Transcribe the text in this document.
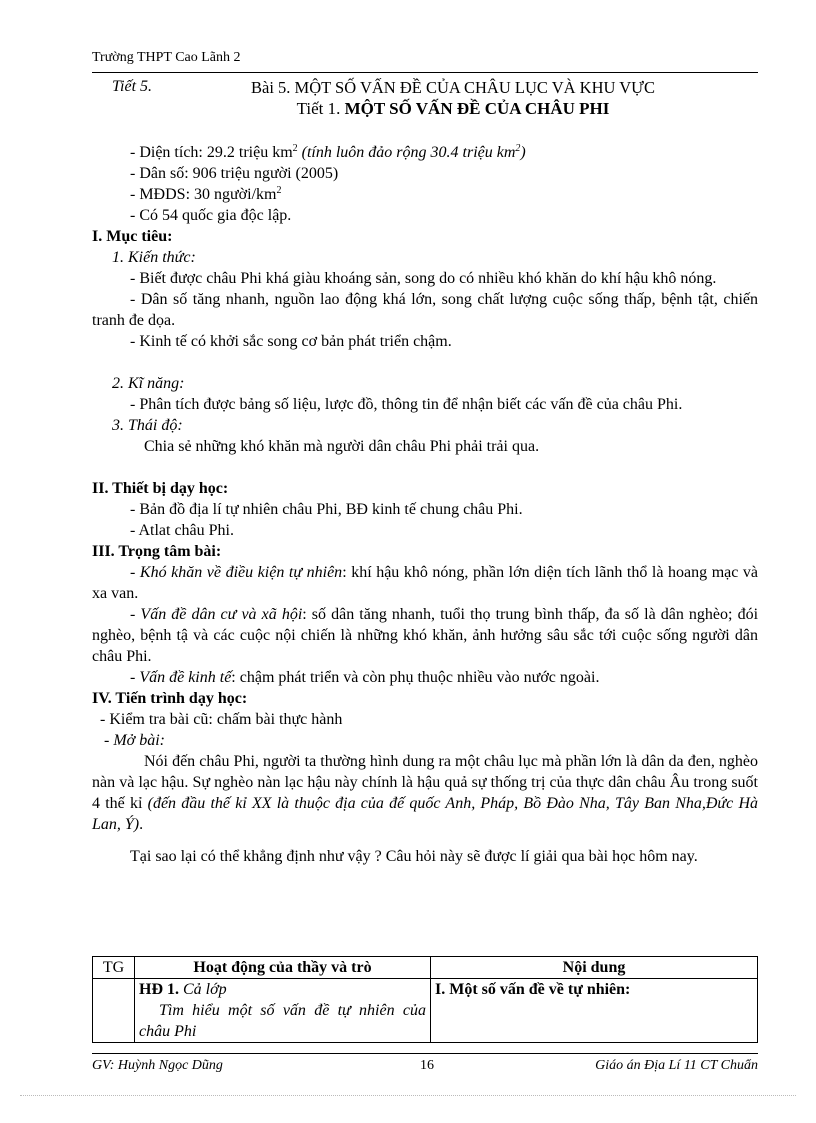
Trường THPT Cao Lãnh 2
Tiết 5.	Bài 5. MỘT SỐ VẤN ĐỀ CỦA CHÂU LỤC VÀ KHU VỰC
Tiết 1. MỘT SỐ VẤN ĐỀ CỦA CHÂU PHI

- Diện tích: 29.2 triệu $km^2$ (tính luôn đảo rộng 30.4 triệu $km^2$)

- Dân số: 906 triệu người (2005)

- MĐDS: 30 người/$km^2$

- Có 54 quốc gia độc lập.

I. Mục tiêu:

1. Kiến thức:

- Biết được châu Phi khá giàu khoáng sản, song do có nhiều khó khăn do khí hậu khô nóng.

- Dân số tăng nhanh, nguồn lao động khá lớn, song chất lượng cuộc sống thấp, bệnh tật, chiến tranh đe dọa.

- Kinh tế có khởi sắc song cơ bản phát triển chậm.

2. Kĩ năng:

- Phân tích được bảng số liệu, lược đồ, thông tin để nhận biết các vấn đề của châu Phi.

3. Thái độ:

Chia sẻ những khó khăn mà người dân châu Phi phải trải qua.

II. Thiết bị dạy học:

- Bản đồ địa lí tự nhiên châu Phi, BĐ kinh tế chung châu Phi.

- Atlat châu Phi.

III. Trọng tâm bài:

- Khó khăn về điều kiện tự nhiên: khí hậu khô nóng, phần lớn diện tích lãnh thổ là hoang mạc và xa van.

- Vấn đề dân cư và xã hội: số dân tăng nhanh, tuổi thọ trung bình thấp, đa số là dân nghèo; đói nghèo, bệnh tậ và các cuộc nội chiến là những khó khăn, ảnh hưởng sâu sắc tới cuộc sống người dân châu Phi.

- Vấn đề kinh tế: chậm phát triển và còn phụ thuộc nhiều vào nước ngoài.

IV. Tiến trình dạy học:

- Kiểm tra bài cũ: chấm bài thực hành

- Mở bài:

Nói đến châu Phi, người ta thường hình dung ra một châu lục mà phần lớn là dân da đen, nghèo nàn và lạc hậu. Sự nghèo nàn lạc hậu này chính là hậu quả sự thống trị của thực dân châu Âu trong suốt 4 thế kỉ (đến đầu thế kỉ XX là thuộc địa của đế quốc Anh, Pháp, Bồ Đào Nha, Tây Ban Nha,Đức Hà Lan, Ý).

Tại sao lại có thể khẳng định như vậy ? Câu hỏi này sẽ được lí giải qua bài học hôm nay.

TG	Hoạt động của thầy và trò	Nội dung

	HĐ 1. Cả lớp
Tìm hiểu một số vấn đề tự nhiên của châu Phi	I. Một số vấn đề về tự nhiên:
GV: Huỳnh Ngọc Dũng	16	Giáo án Địa Lí 11 CT Chuẩn
